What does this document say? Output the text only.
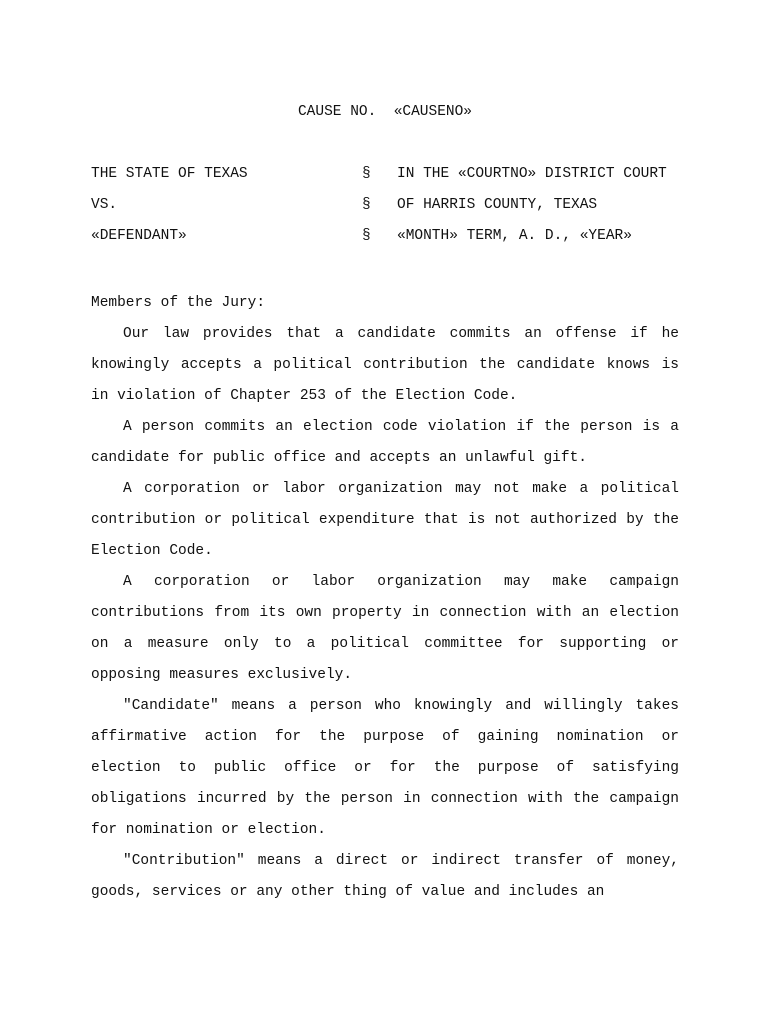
CAUSE NO.  «CAUSENO»
THE STATE OF TEXAS	§ IN THE «COURTNO» DISTRICT COURT
VS.	§ OF HARRIS COUNTY, TEXAS
«DEFENDANT»	§ «MONTH» TERM, A. D., «YEAR»

Members of the Jury:

Our law provides that a candidate commits an offense if he knowingly accepts a political contribution the candidate knows is in violation of Chapter 253 of the Election Code.

A person commits an election code violation if the person is a candidate for public office and accepts an unlawful gift.

A corporation or labor organization may not make a political contribution or political expenditure that is not authorized by the Election Code.

A corporation or labor organization may make campaign contributions from its own property in connection with an election on a measure only to a political committee for supporting or opposing measures exclusively.

"Candidate" means a person who knowingly and willingly takes affirmative action for the purpose of gaining nomination or election to public office or for the purpose of satisfying obligations incurred by the person in connection with the campaign for nomination or election.

"Contribution" means a direct or indirect transfer of money, goods, services or any other thing of value and includes an
